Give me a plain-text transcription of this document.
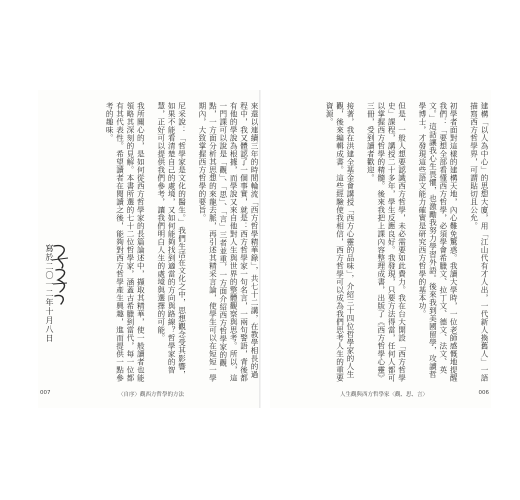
來還以連續三年的時間輪流「西方哲學精華錄」，共七十二講，在教學相長的過程中，我又體認了一個事實，就是：西方哲學家一句名言，一兩句警語，背後都有他的學說為根據，而學說又來自他對人生與世界的整體觀察與思考。所以，這一門課可以說是「觀」、「思」、「言」三者並重，一方面介紹西方哲學家的觀點，一方面分析其思想的來龍去脈，再引述其精采言論，使學生可以在短短一學期內，大致掌握西方哲學的要旨。

尼采說：「哲學家是文化的醫生。」我們生活在文化之中，思想觀念受其影響，如果不能看清楚自己的處境，又如何能夠找到適當的方向與路線？哲學家的智慧，正好可以提供我們參考，讓我們明白人生的處境與選擇的可能。

我所關心的，是如何從西方哲學家的長篇論述中，擷取其精華，使一般讀者也能領略其深刻的見解。本書所選的七十二位哲學家，涵蓋古希臘到當代，每一位都有其代表性。希望讀者在閱讀之後，能夠對西方哲學產生興趣，進而提供一點參考的趣味。

寫於二〇一二年十月八日
007	〈自序〉觀西方哲學的方法

建構「以人為中心」的思想大廈，用「江山代有才人出，一代新人換舊人」一語描寫西方哲學界，可謂貼切且公允。

初學者面對這樣的建構天地，內心難免驚惑。我讀大學時，一位老師感慨地提醒我們：「要想全部看懂西方哲學，必須學會希臘文、拉丁文、德文、法文、英文。」這話讓我心生畏懼，也激勵我努力學習外語。後來我到美國留學，攻讀哲學博士，才發現這些語文能力確實是研究西方哲學的基本功。

但是，一般人想要認識西方哲學，未必需要如此費力。我在台大開設「西方哲學史」課程，講授二十多年，學生反應良好。我發現，只要方法得當，任何人都可以掌握西方哲學的精髓。後來我把上課內容整理成書，出版了《西方哲學心靈》三冊，受到讀者歡迎。

接著，我在洪建全基金會講授「西方心靈的品味」，介紹三十四位哲學家的人生觀，後來編輯成書。這些經驗使我相信，西方哲學可以成為我們思考人生的重要資源。

人生觀與西方哲學家〈觀、思、言〉	006
